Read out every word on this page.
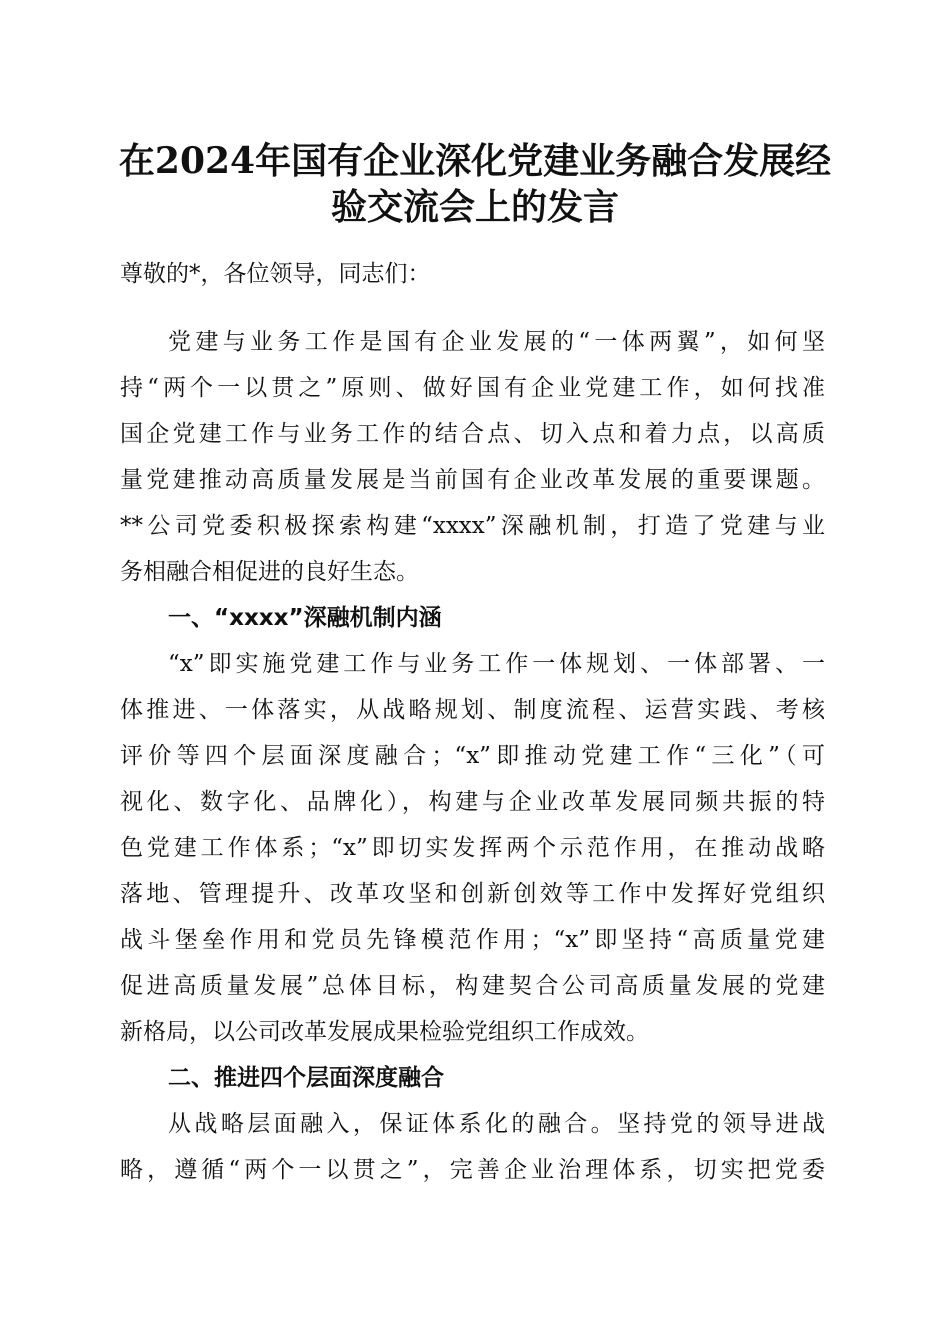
在2024年国有企业深化党建业务融合发展经
验交流会上的发言
尊敬的*，各位领导，同志们：
党建与业务工作是国有企业发展的“一体两翼”，如何坚
持“两个一以贯之”原则、做好国有企业党建工作，如何找准
国企党建工作与业务工作的结合点、切入点和着力点，以高质
量党建推动高质量发展是当前国有企业改革发展的重要课题。
**公司党委积极探索构建“xxxx”深融机制，打造了党建与业
务相融合相促进的良好生态。
一、“xxxx”深融机制内涵
“x”即实施党建工作与业务工作一体规划、一体部署、一
体推进、一体落实，从战略规划、制度流程、运营实践、考核
评价等四个层面深度融合；“x”即推动党建工作“三化”（可
视化、数字化、品牌化），构建与企业改革发展同频共振的特
色党建工作体系；“x”即切实发挥两个示范作用，在推动战略
落地、管理提升、改革攻坚和创新创效等工作中发挥好党组织
战斗堡垒作用和党员先锋模范作用；“x”即坚持“高质量党建
促进高质量发展”总体目标，构建契合公司高质量发展的党建
新格局，以公司改革发展成果检验党组织工作成效。
二、推进四个层面深度融合
从战略层面融入，保证体系化的融合。坚持党的领导进战
略，遵循“两个一以贯之”，完善企业治理体系，切实把党委
